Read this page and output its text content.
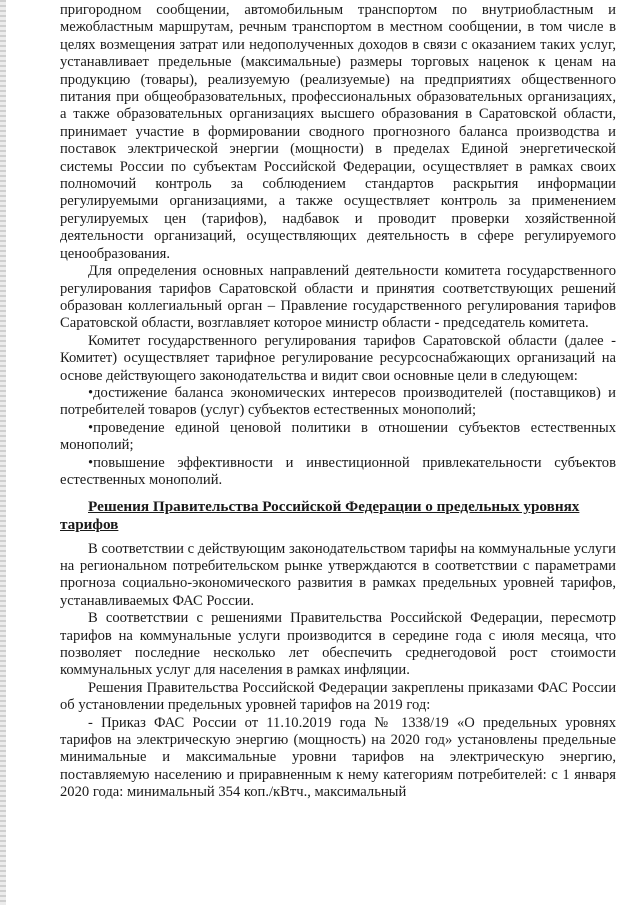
пригородном сообщении, автомобильным транспортом по внутриобластным и межобластным маршрутам, речным транспортом в местном сообщении, в том числе в целях возмещения затрат или недополученных доходов в связи с оказанием таких услуг, устанавливает предельные (максимальные) размеры торговых наценок к ценам на продукцию (товары), реализуемую (реализуемые) на предприятиях общественного питания при общеобразовательных, профессиональных образовательных организациях, а также образовательных организациях высшего образования в Саратовской области, принимает участие в формировании сводного прогнозного баланса производства и поставок электрической энергии (мощности) в пределах Единой энергетической системы России по субъектам Российской Федерации, осуществляет в рамках своих полномочий контроль за соблюдением стандартов раскрытия информации регулируемыми организациями, а также осуществляет контроль за применением регулируемых цен (тарифов), надбавок и проводит проверки хозяйственной деятельности организаций, осуществляющих деятельность в сфере регулируемого ценообразования.

Для определения основных направлений деятельности комитета государственного регулирования тарифов Саратовской области и принятия соответствующих решений образован коллегиальный орган – Правление государственного регулирования тарифов Саратовской области, возглавляет которое министр области - председатель комитета.

Комитет государственного регулирования тарифов Саратовской области (далее - Комитет) осуществляет тарифное регулирование ресурсоснабжающих организаций на основе действующего законодательства и видит свои основные цели в следующем:

•достижение баланса экономических интересов производителей (поставщиков) и потребителей товаров (услуг) субъектов естественных монополий;

•проведение единой ценовой политики в отношении субъектов естественных монополий;

•повышение эффективности и инвестиционной привлекательности субъектов естественных монополий.

Решения Правительства Российской Федерации о предельных уровнях тарифов

В соответствии с действующим законодательством тарифы на коммунальные услуги на региональном потребительском рынке утверждаются в соответствии с параметрами прогноза социально-экономического развития в рамках предельных уровней тарифов, устанавливаемых ФАС России.

В соответствии с решениями Правительства Российской Федерации, пересмотр тарифов на коммунальные услуги производится в середине года с июля месяца, что позволяет последние несколько лет обеспечить среднегодовой рост стоимости коммунальных услуг для населения в рамках инфляции.

Решения Правительства Российской Федерации закреплены приказами ФАС России об установлении предельных уровней тарифов на 2019 год:

- Приказ ФАС России от 11.10.2019 года № 1338/19 «О предельных уровнях тарифов на электрическую энергию (мощность) на 2020 год» установлены предельные минимальные и максимальные уровни тарифов на электрическую энергию, поставляемую населению и приравненным к нему категориям потребителей: с 1 января 2020 года: минимальный 354 коп./кВтч., максимальный
